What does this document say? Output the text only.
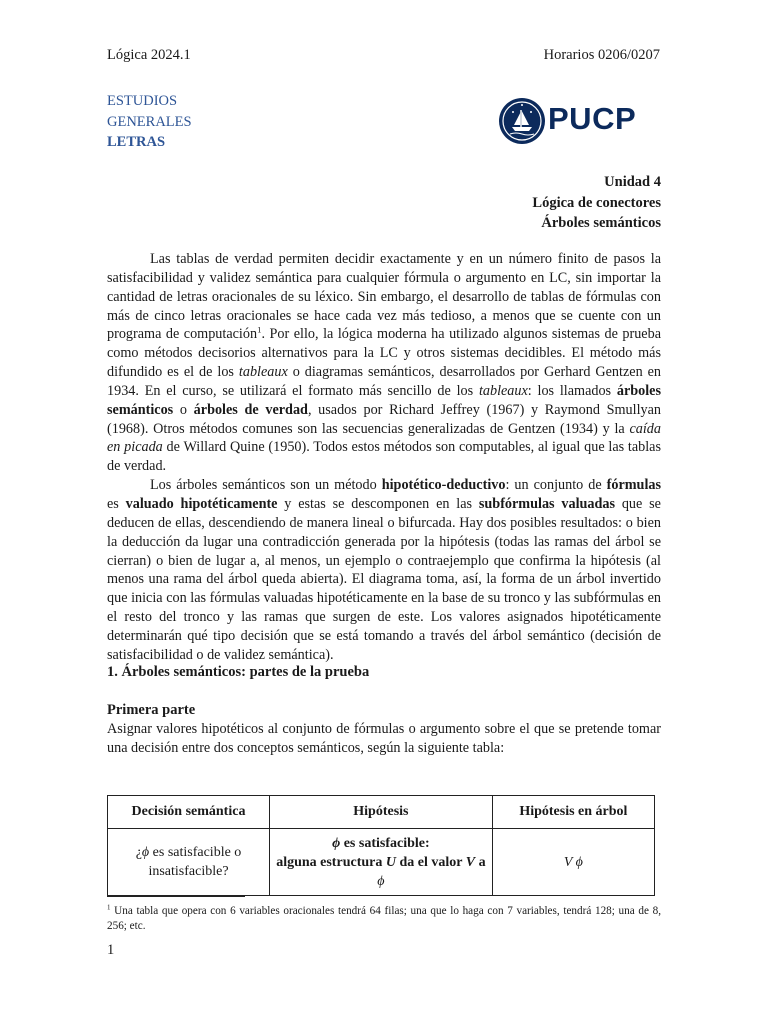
Lógica 2024.1	Horarios 0206/0207
ESTUDIOS
GENERALES
LETRAS
PUCP
Unidad 4
Lógica de conectores
Árboles semánticos

Las tablas de verdad permiten decidir exactamente y en un número finito de pasos la satisfacibilidad y validez semántica para cualquier fórmula o argumento en LC, sin importar la cantidad de letras oracionales de su léxico. Sin embargo, el desarrollo de tablas de fórmulas con más de cinco letras oracionales se hace cada vez más tedioso, a menos que se cuente con un programa de computación$^1$. Por ello, la lógica moderna ha utilizado algunos sistemas de prueba como métodos decisorios alternativos para la LC y otros sistemas decidibles. El método más difundido es el de los tableaux o diagramas semánticos, desarrollados por Gerhard Gentzen en 1934. En el curso, se utilizará el formato más sencillo de los tableaux: los llamados árboles semánticos o árboles de verdad, usados por Richard Jeffrey (1967) y Raymond Smullyan (1968). Otros métodos comunes son las secuencias generalizadas de Gentzen (1934) y la caída en picada de Willard Quine (1950). Todos estos métodos son computables, al igual que las tablas de verdad.

Los árboles semánticos son un método hipotético-deductivo: un conjunto de fórmulas es valuado hipotéticamente y estas se descomponen en las subfórmulas valuadas que se deducen de ellas, descendiendo de manera lineal o bifurcada. Hay dos posibles resultados: o bien la deducción da lugar una contradicción generada por la hipótesis (todas las ramas del árbol se cierran) o bien de lugar a, al menos, un ejemplo o contraejemplo que confirma la hipótesis (al menos una rama del árbol queda abierta). El diagrama toma, así, la forma de un árbol invertido que inicia con las fórmulas valuadas hipotéticamente en la base de su tronco y las subfórmulas en el resto del tronco y las ramas que surgen de este. Los valores asignados hipotéticamente determinarán qué tipo decisión que se está tomando a través del árbol semántico (decisión de satisfacibilidad o de validez semántica).

1. Árboles semánticos: partes de la prueba
Primera parte
Asignar valores hipotéticos al conjunto de fórmulas o argumento sobre el que se pretende tomar una decisión entre dos conceptos semánticos, según la siguiente tabla:
Decisión semántica	Hipótesis	Hipótesis en árbol
¿ϕ es satisfacible o insatisfacible?	ϕ es satisfacible:
alguna estructura U da el valor V a
ϕ	V ϕ
$^1$ Una tabla que opera con 6 variables oracionales tendrá 64 filas; una que lo haga con 7 variables, tendrá 128; una de 8, 256; etc.
1
